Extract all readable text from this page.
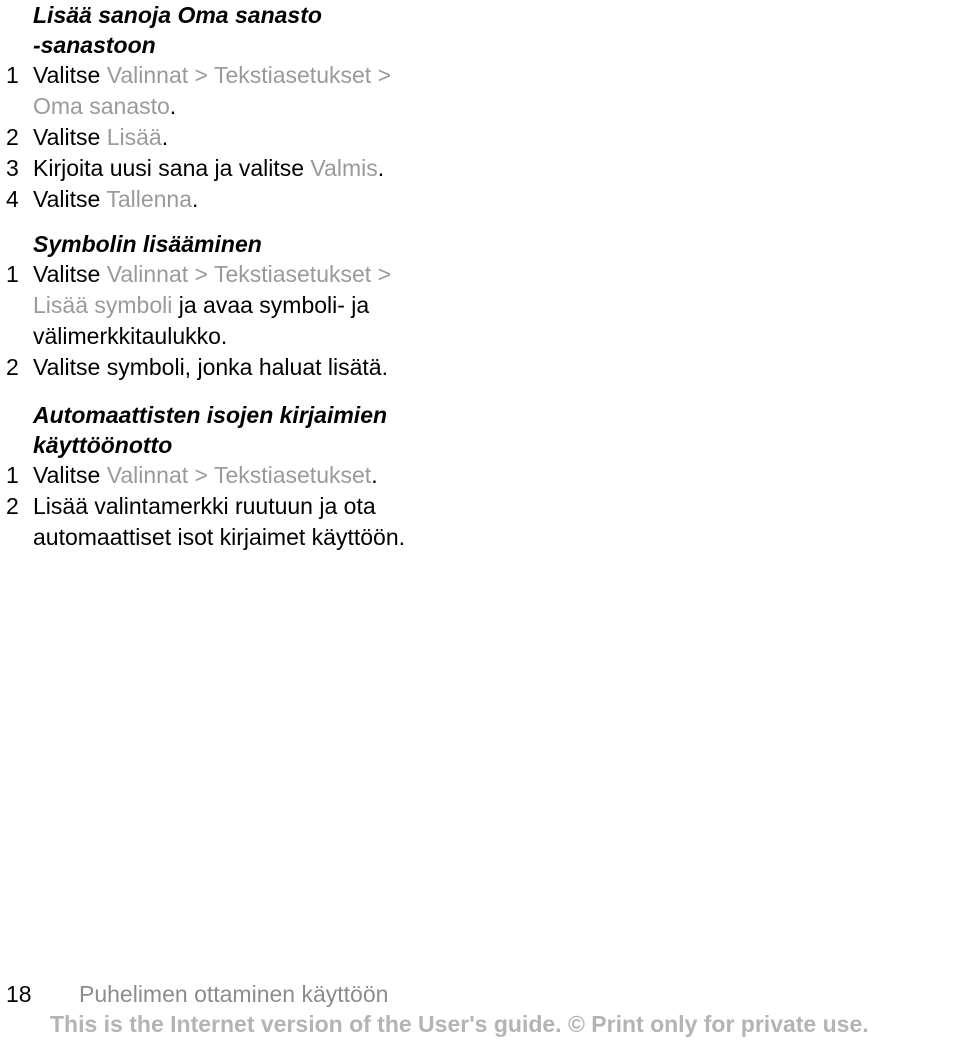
Lisää sanoja Oma sanasto
-sanastoon
1 Valitse Valinnat > Tekstiasetukset >
Oma sanasto.
2 Valitse Lisää.
3 Kirjoita uusi sana ja valitse Valmis.
4 Valitse Tallenna.
Symbolin lisääminen
1 Valitse Valinnat > Tekstiasetukset >
Lisää symboli ja avaa symboli- ja välimerkkitaulukko.
2 Valitse symboli, jonka haluat lisätä.
Automaattisten isojen kirjaimien
käyttöönotto
1 Valitse Valinnat > Tekstiasetukset.
2 Lisää valintamerkki ruutuun ja ota automaattiset isot kirjaimet käyttöön.
18 Puhelimen ottaminen käyttöön
This is the Internet version of the User's guide. © Print only for private use.
